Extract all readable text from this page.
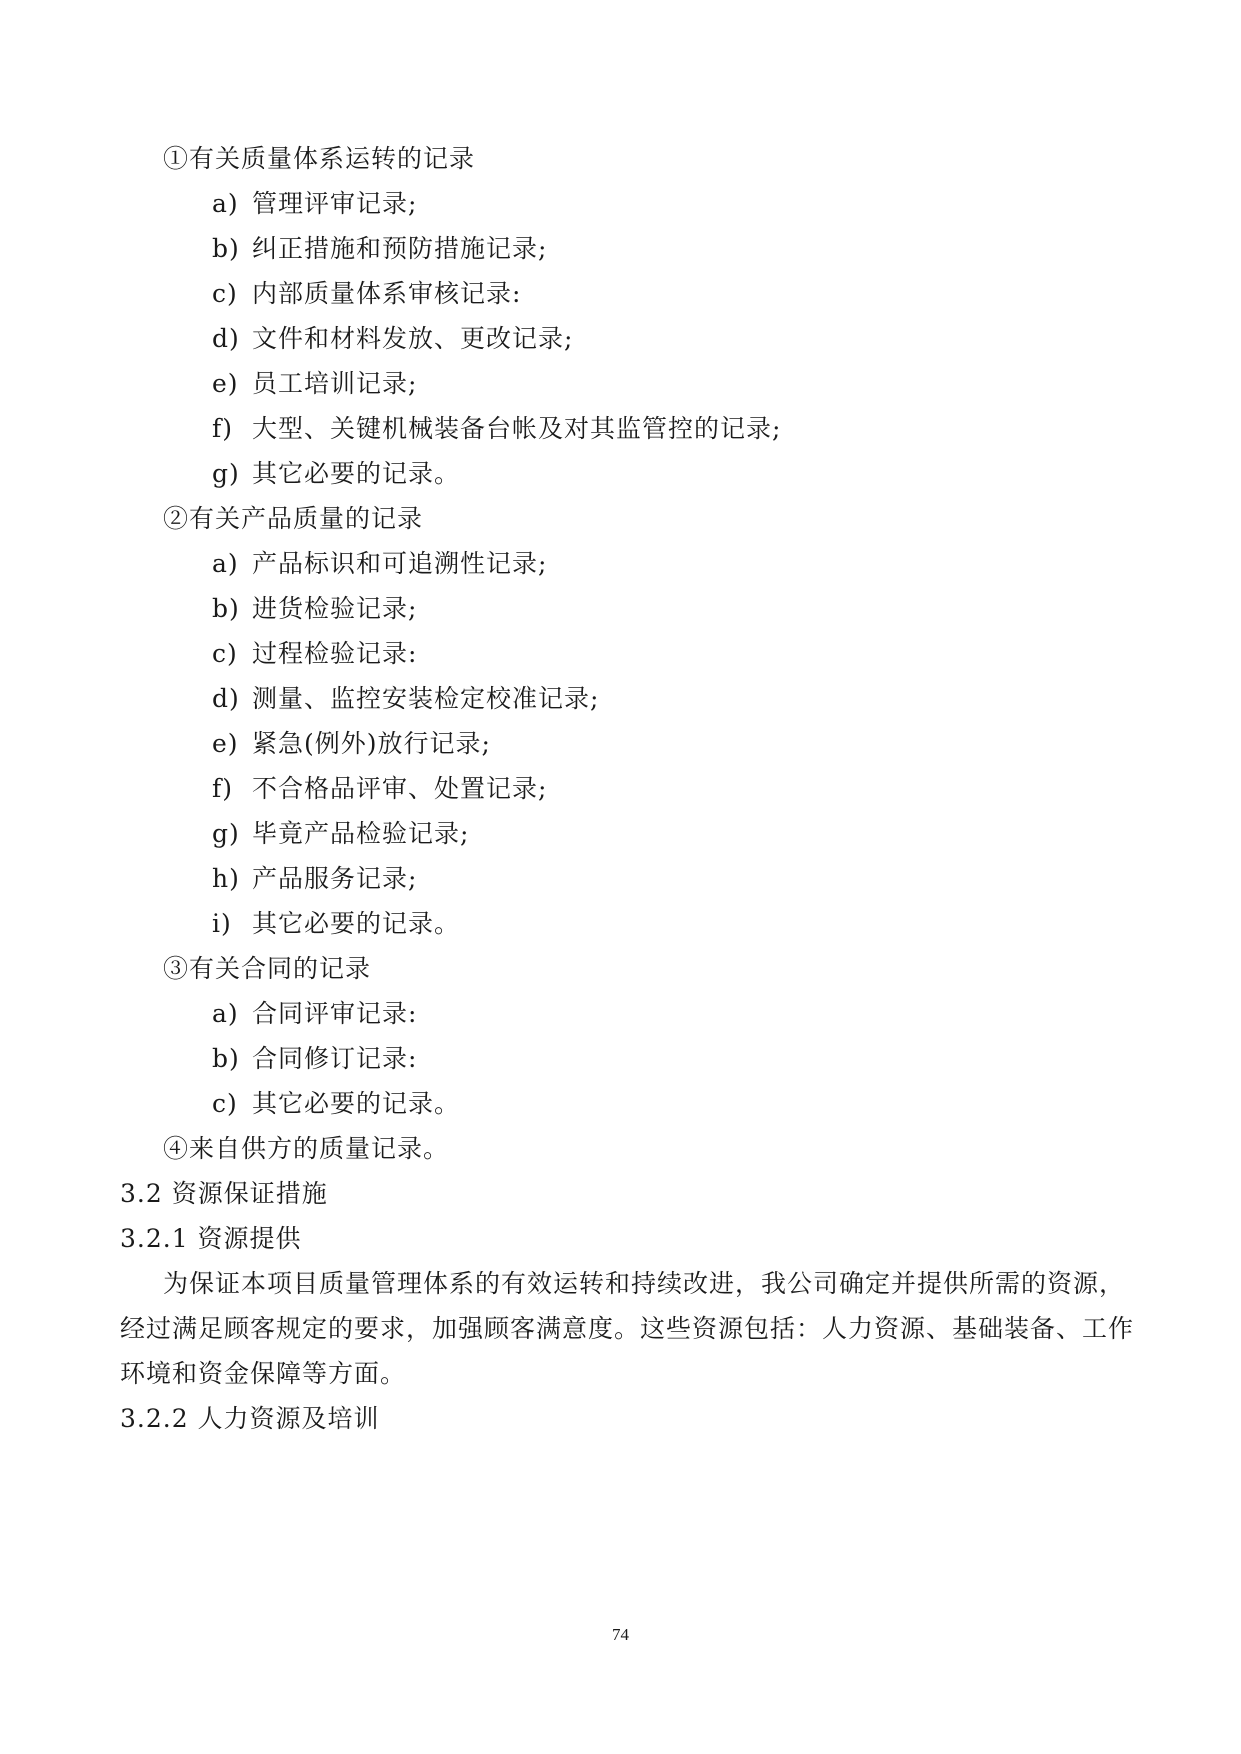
①有关质量体系运转的记录
a) 管理评审记录;
b) 纠正措施和预防措施记录;
c) 内部质量体系审核记录:
d) 文件和材料发放、更改记录;
e) 员工培训记录;
f) 大型、关键机械装备台帐及对其监管控的记录;
g) 其它必要的记录。
②有关产品质量的记录
a) 产品标识和可追溯性记录;
b) 进货检验记录;
c) 过程检验记录:
d) 测量、监控安装检定校准记录;
e) 紧急(例外)放行记录;
f) 不合格品评审、处置记录;
g) 毕竟产品检验记录;
h) 产品服务记录;
i) 其它必要的记录。
③有关合同的记录
a) 合同评审记录:
b) 合同修订记录:
c) 其它必要的记录。
④来自供方的质量记录。
3.2 资源保证措施
3.2.1 资源提供
为保证本项目质量管理体系的有效运转和持续改进，我公司确定并提供所需的资源，
经过满足顾客规定的要求，加强顾客满意度。这些资源包括：人力资源、基础装备、工作
环境和资金保障等方面。
3.2.2 人力资源及培训
74
